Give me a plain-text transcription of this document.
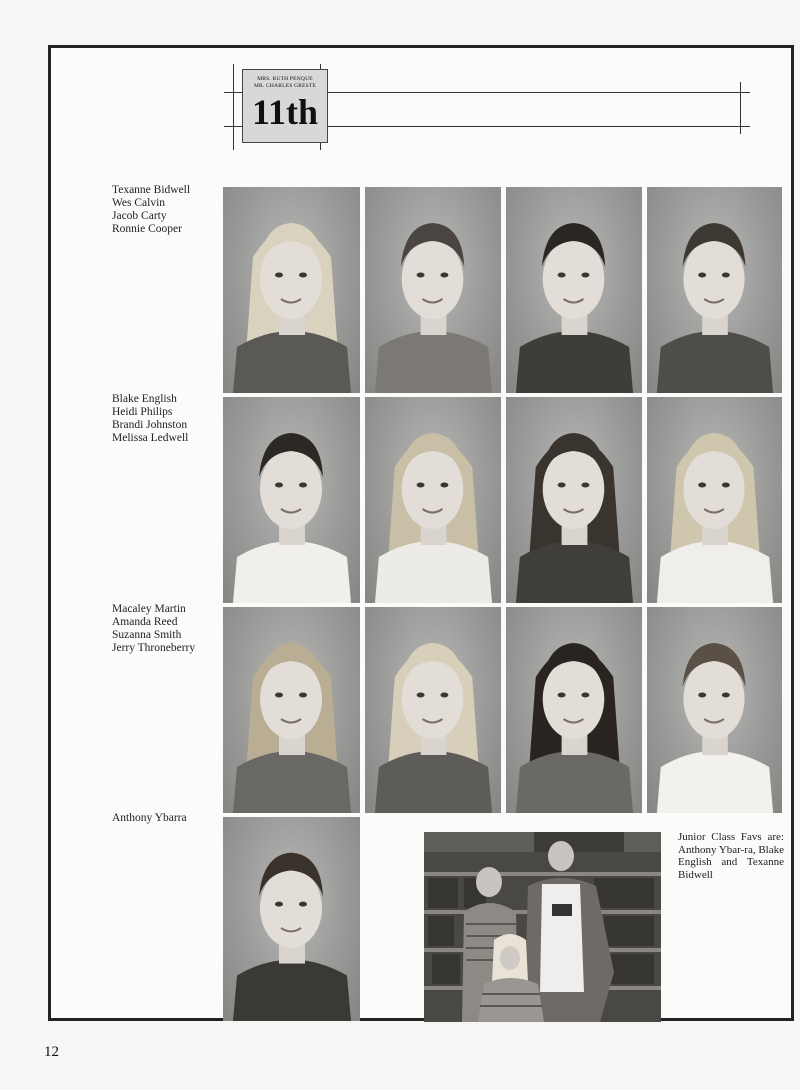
MRS. RUTH PENQUE
MR. CHARLES GRESTE
11th
Texanne Bidwell
Wes Calvin
Jacob Carty
Ronnie Cooper
Blake English
Heidi Philips
Brandi Johnston
Melissa Ledwell
Macaley Martin
Amanda Reed
Suzanna Smith
Jerry Throneberry
Anthony Ybarra
Junior Class Favs are: Anthony Ybar-ra, Blake English and Texanne Bidwell
12
